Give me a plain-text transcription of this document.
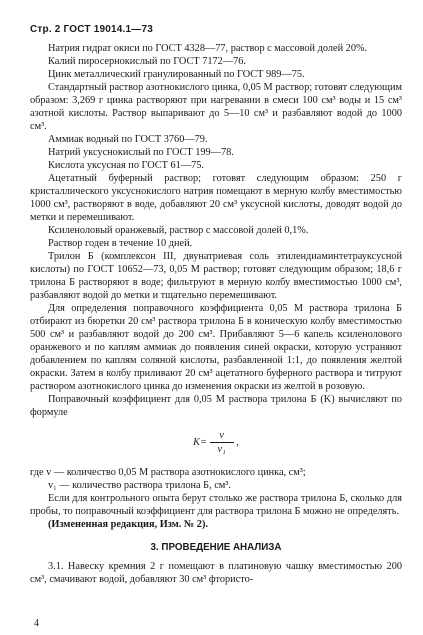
Стр. 2 ГОСТ 19014.1—73

Натрия гидрат окиси по ГОСТ 4328—77, раствор с массовой долей 20%.

Калий пиросернокислый по ГОСТ 7172—76.

Цинк металлический гранулированный по ГОСТ 989—75.

Стандартный раствор азотнокислого цинка, 0,05 М раствор; готовят следующим образом: 3,269 г цинка растворяют при нагревании в смеси 100 см³ воды и 15 см³ азотной кислоты. Раствор выпаривают до 5—10 см³ и разбавляют водой до 1000 см³.

Аммиак водный по ГОСТ 3760—79.

Натрий уксуснокислый по ГОСТ 199—78.

Кислота уксусная по ГОСТ 61—75.

Ацетатный буферный раствор; готовят следующим образом: 250 г кристаллического уксуснокислого натрия помещают в мерную колбу вместимостью 1000 см³, растворяют в воде, добавляют 20 см³ уксусной кислоты, доводят водой до метки и перемешивают.

Ксиленоловый оранжевый, раствор с массовой долей 0,1%.

Раствор годен в течение 10 дней.

Трилон Б (комплексон III, двунатриевая соль этилендиаминтетрауксусной кислоты) по ГОСТ 10652—73, 0,05 М раствор; готовят следующим образом; 18,6 г трилона Б растворяют в воде; фильтруют в мерную колбу вместимостью 1000 см³, разбавляют водой до метки и тщательно перемешивают.

Для определения поправочного коэффициента 0,05 М раствора трилона Б отбирают из бюретки 20 см³ раствора трилона Б в коническую колбу вместимостью 500 см³ и разбавляют водой до 200 см³. Прибавляют 5—6 капель ксиленолового оранжевого и по каплям аммиак до появления синей окраски, которую устраняют добавлением по каплям соляной кислоты, разбавленной 1:1, до появления желтой окраски. Затем в колбу приливают 20 см³ ацетатного буферного раствора и титруют раствором азотнокислого цинка до изменения окраски из желтой в розовую.

Поправочный коэффициент для 0,05 М раствора трилона Б (K) вычисляют по формуле

$K= \frac{v}{\text{v₁}}$ ,

где v — количество 0,05 М раствора азотнокислого цинка, см³;

v₁ — количество раствора трилона Б, см³.

Если для контрольного опыта берут столько же раствора трилона Б, сколько для пробы, то поправочный коэффициент для раствора трилона Б можно не определять.

(Измененная редакция, Изм. № 2).

3. ПРОВЕДЕНИЕ АНАЛИЗА

3.1. Навеску кремния 2 г помещают в платиновую чашку вместимостью 200 см³, смачивают водой, добавляют 30 см³ фтористо-

4
